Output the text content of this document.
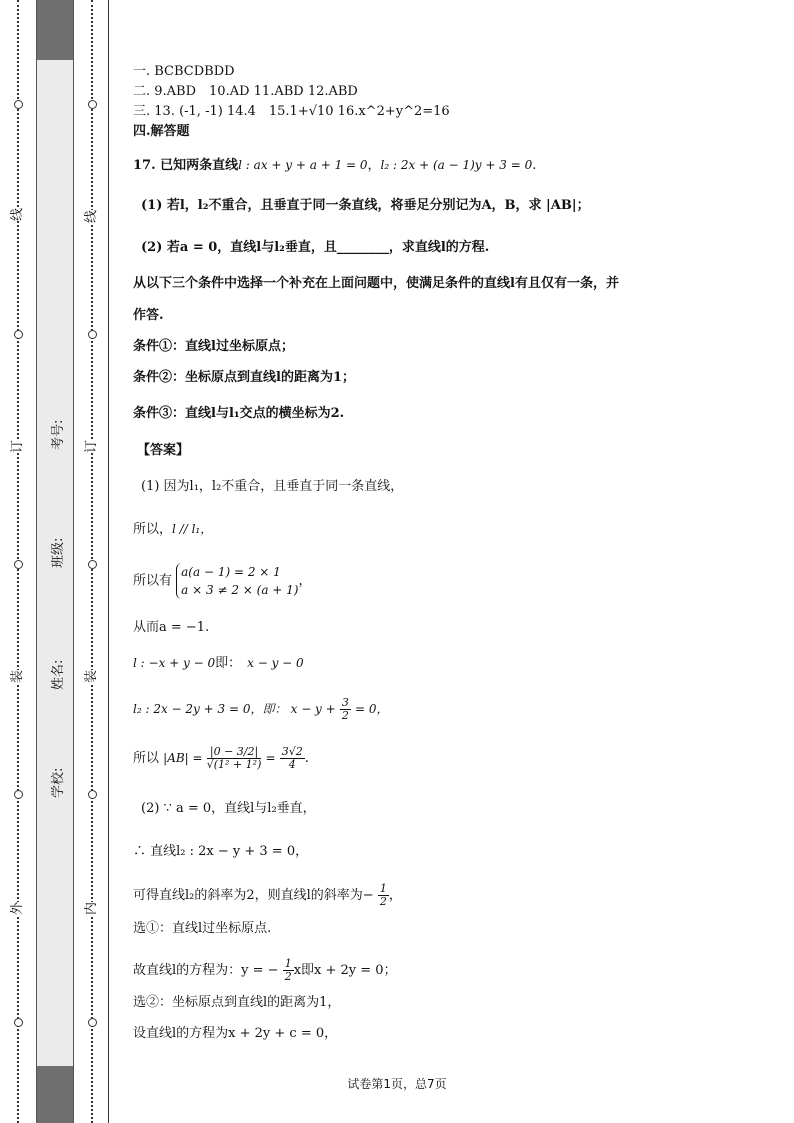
线
订
装
外
考号:
班级:
姓名:
学校:
线
订
装
内
一. BCBCDBDD
二. 9.ABD　10.AD 11.ABD 12.ABD
三. 13. (-1, -1) 14.4　15.1+√10 16.x^2+y^2=16
四.解答题
17. 已知两条直线l : ax + y + a + 1 = 0，l₂ : 2x + (a − 1)y + 3 = 0.
(1) 若l，l₂不重合，且垂直于同一条直线，将垂足分别记为A，B，求 |AB|；
(2) 若a = 0，直线l与l₂垂直，且________，求直线l的方程.
从以下三个条件中选择一个补充在上面问题中，使满足条件的直线l有且仅有一条，并
作答.
条件①：直线l过坐标原点；
条件②：坐标原点到直线l的距离为1；
条件③：直线l与l₁交点的横坐标为2.
【答案】
(1) 因为l₁，l₂不重合，且垂直于同一条直线，
所以，l // l₁，
所以有
a(a − 1) = 2 × 1
a × 3 ≠ 2 × (a + 1)
，
从而a = −1.
l : −x + y − 0即： x − y − 0
l₂ : 2x − 2y + 3 = 0，即： $x - y + \frac{3}{2} = 0$，
所以 $|AB| = \frac{|0 - 3/2|}{\text{√(1² + 1²)}} = \frac{3√2}{4}$ .
(2) ∵ a = 0，直线l与l₂垂直，
∴ 直线l₂ : 2x − y + 3 = 0，
可得直线l₂的斜率为2，则直线l的斜率为− $\frac{1}{2}$ ，
选①：直线l过坐标原点.
故直线l的方程为：y = − $\frac{1}{2}$ x即x + 2y = 0；
选②：坐标原点到直线l的距离为1，
设直线l的方程为x + 2y + c = 0，
试卷第1页，总7页
